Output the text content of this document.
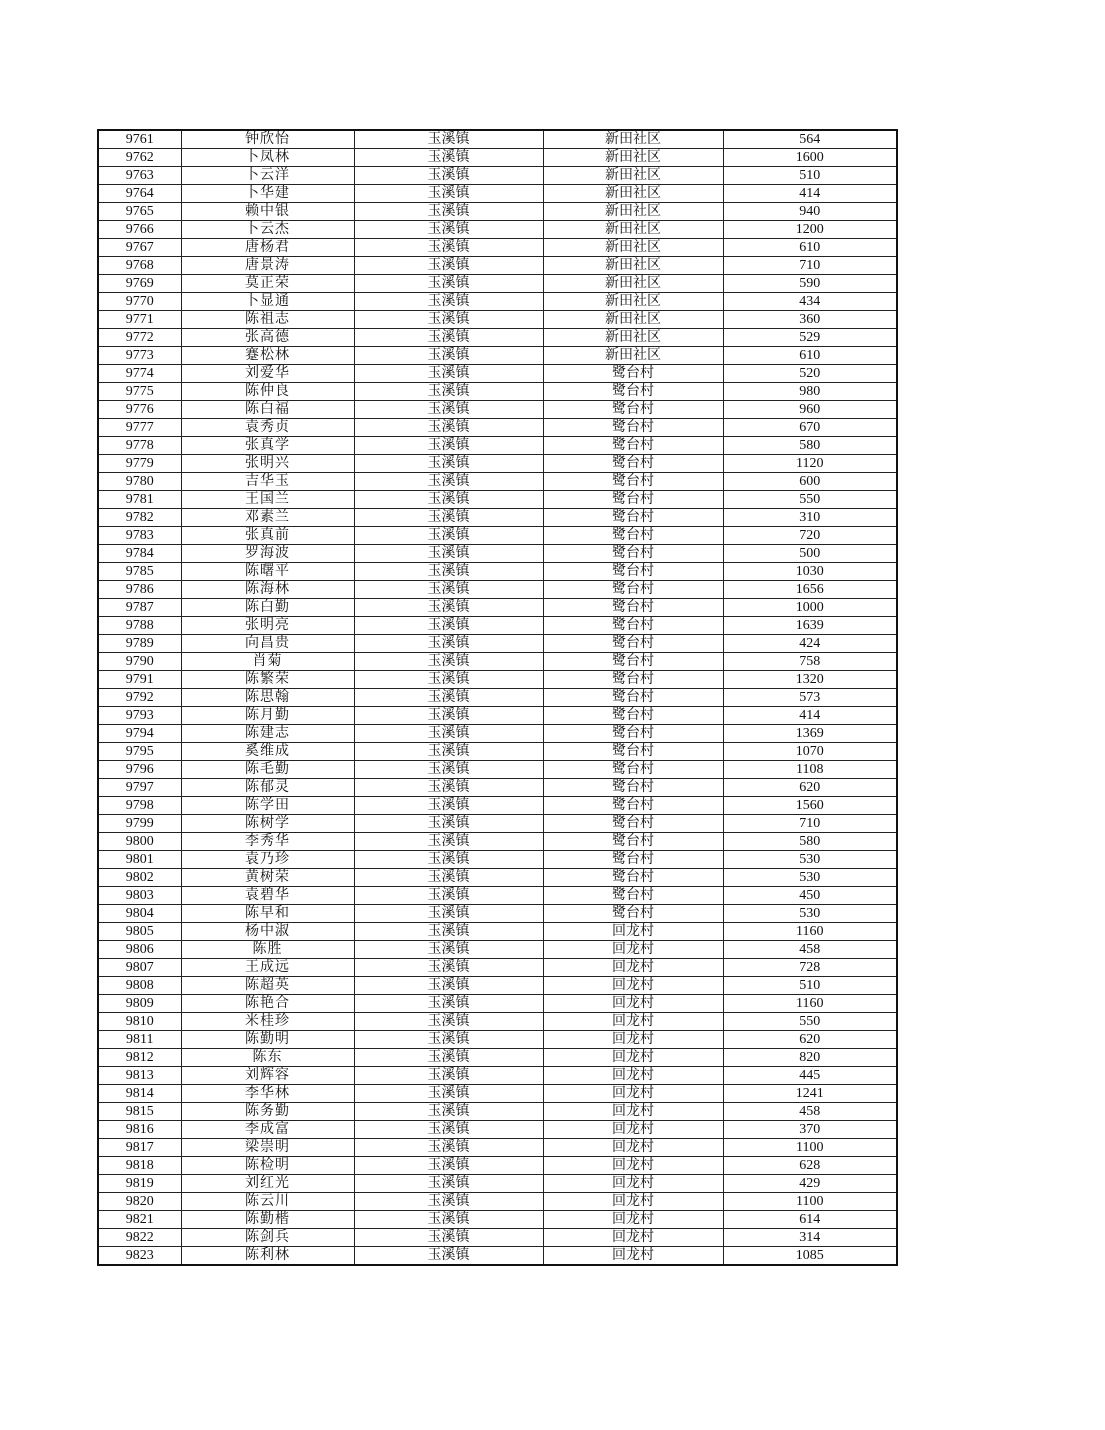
9761	钟欣怡	玉溪镇	新田社区	564
9762	卜凤林	玉溪镇	新田社区	1600
9763	卜云洋	玉溪镇	新田社区	510
9764	卜华建	玉溪镇	新田社区	414
9765	赖中银	玉溪镇	新田社区	940
9766	卜云杰	玉溪镇	新田社区	1200
9767	唐杨君	玉溪镇	新田社区	610
9768	唐景涛	玉溪镇	新田社区	710
9769	莫正荣	玉溪镇	新田社区	590
9770	卜显通	玉溪镇	新田社区	434
9771	陈祖志	玉溪镇	新田社区	360
9772	张高德	玉溪镇	新田社区	529
9773	蹇松林	玉溪镇	新田社区	610
9774	刘爱华	玉溪镇	鹭台村	520
9775	陈仲良	玉溪镇	鹭台村	980
9776	陈白福	玉溪镇	鹭台村	960
9777	袁秀贞	玉溪镇	鹭台村	670
9778	张真学	玉溪镇	鹭台村	580
9779	张明兴	玉溪镇	鹭台村	1120
9780	吉华玉	玉溪镇	鹭台村	600
9781	王国兰	玉溪镇	鹭台村	550
9782	邓素兰	玉溪镇	鹭台村	310
9783	张真前	玉溪镇	鹭台村	720
9784	罗海波	玉溪镇	鹭台村	500
9785	陈曙平	玉溪镇	鹭台村	1030
9786	陈海林	玉溪镇	鹭台村	1656
9787	陈白勤	玉溪镇	鹭台村	1000
9788	张明亮	玉溪镇	鹭台村	1639
9789	向昌贵	玉溪镇	鹭台村	424
9790	肖菊	玉溪镇	鹭台村	758
9791	陈繁荣	玉溪镇	鹭台村	1320
9792	陈思翰	玉溪镇	鹭台村	573
9793	陈月勤	玉溪镇	鹭台村	414
9794	陈建志	玉溪镇	鹭台村	1369
9795	奚维成	玉溪镇	鹭台村	1070
9796	陈毛勤	玉溪镇	鹭台村	1108
9797	陈郁灵	玉溪镇	鹭台村	620
9798	陈学田	玉溪镇	鹭台村	1560
9799	陈树学	玉溪镇	鹭台村	710
9800	李秀华	玉溪镇	鹭台村	580
9801	袁乃珍	玉溪镇	鹭台村	530
9802	黄树荣	玉溪镇	鹭台村	530
9803	袁碧华	玉溪镇	鹭台村	450
9804	陈早和	玉溪镇	鹭台村	530
9805	杨中淑	玉溪镇	回龙村	1160
9806	陈胜	玉溪镇	回龙村	458
9807	王成远	玉溪镇	回龙村	728
9808	陈超英	玉溪镇	回龙村	510
9809	陈艳合	玉溪镇	回龙村	1160
9810	米桂珍	玉溪镇	回龙村	550
9811	陈勤明	玉溪镇	回龙村	620
9812	陈东	玉溪镇	回龙村	820
9813	刘辉容	玉溪镇	回龙村	445
9814	李华林	玉溪镇	回龙村	1241
9815	陈务勤	玉溪镇	回龙村	458
9816	李成富	玉溪镇	回龙村	370
9817	梁崇明	玉溪镇	回龙村	1100
9818	陈检明	玉溪镇	回龙村	628
9819	刘红光	玉溪镇	回龙村	429
9820	陈云川	玉溪镇	回龙村	1100
9821	陈勤楷	玉溪镇	回龙村	614
9822	陈剑兵	玉溪镇	回龙村	314
9823	陈利林	玉溪镇	回龙村	1085
